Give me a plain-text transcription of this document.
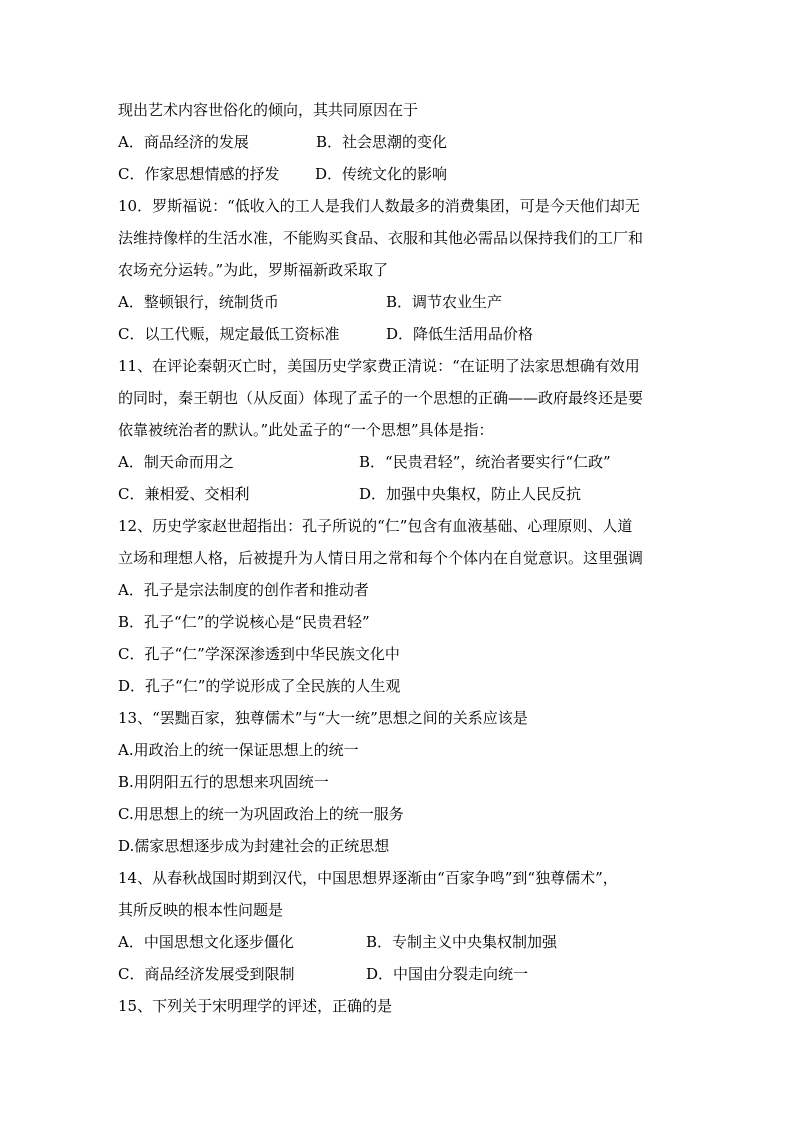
现出艺术内容世俗化的倾向，其共同原因在于
A．商品经济的发展	B．社会思潮的变化
C．作家思想情感的抒发 D．传统文化的影响
10．罗斯福说：“低收入的工人是我们人数最多的消费集团，可是今天他们却无
法维持像样的生活水准，不能购买食品、衣服和其他必需品以保持我们的工厂和
农场充分运转。”为此，罗斯福新政采取了
A．整顿银行，统制货币	B．调节农业生产
C．以工代赈，规定最低工资标准	D．降低生活用品价格
11、在评论秦朝灭亡时，美国历史学家费正清说：“在证明了法家思想确有效用
的同时，秦王朝也（从反面）体现了孟子的一个思想的正确——政府最终还是要
依靠被统治者的默认。”此处孟子的“一个思想”具体是指：
A．制天命而用之	B．“民贵君轻”，统治者要实行“仁政”
C．兼相爱、交相利	D．加强中央集权，防止人民反抗
12、历史学家赵世超指出：孔子所说的“仁”包含有血液基础、心理原则、人道
立场和理想人格，后被提升为人情日用之常和每个个体内在自觉意识。这里强调
A．孔子是宗法制度的创作者和推动者
B．孔子“仁”的学说核心是“民贵君轻”
C．孔子“仁”学深深渗透到中华民族文化中
D．孔子“仁”的学说形成了全民族的人生观
13、“罢黜百家，独尊儒术”与“大一统”思想之间的关系应该是
A.用政治上的统一保证思想上的统一
B.用阴阳五行的思想来巩固统一
C.用思想上的统一为巩固政治上的统一服务
D.儒家思想逐步成为封建社会的正统思想
14、从春秋战国时期到汉代，中国思想界逐渐由“百家争鸣”到“独尊儒术”，
其所反映的根本性问题是
A．中国思想文化逐步僵化	B．专制主义中央集权制加强
C．商品经济发展受到限制	D．中国由分裂走向统一
15、下列关于宋明理学的评述，正确的是
